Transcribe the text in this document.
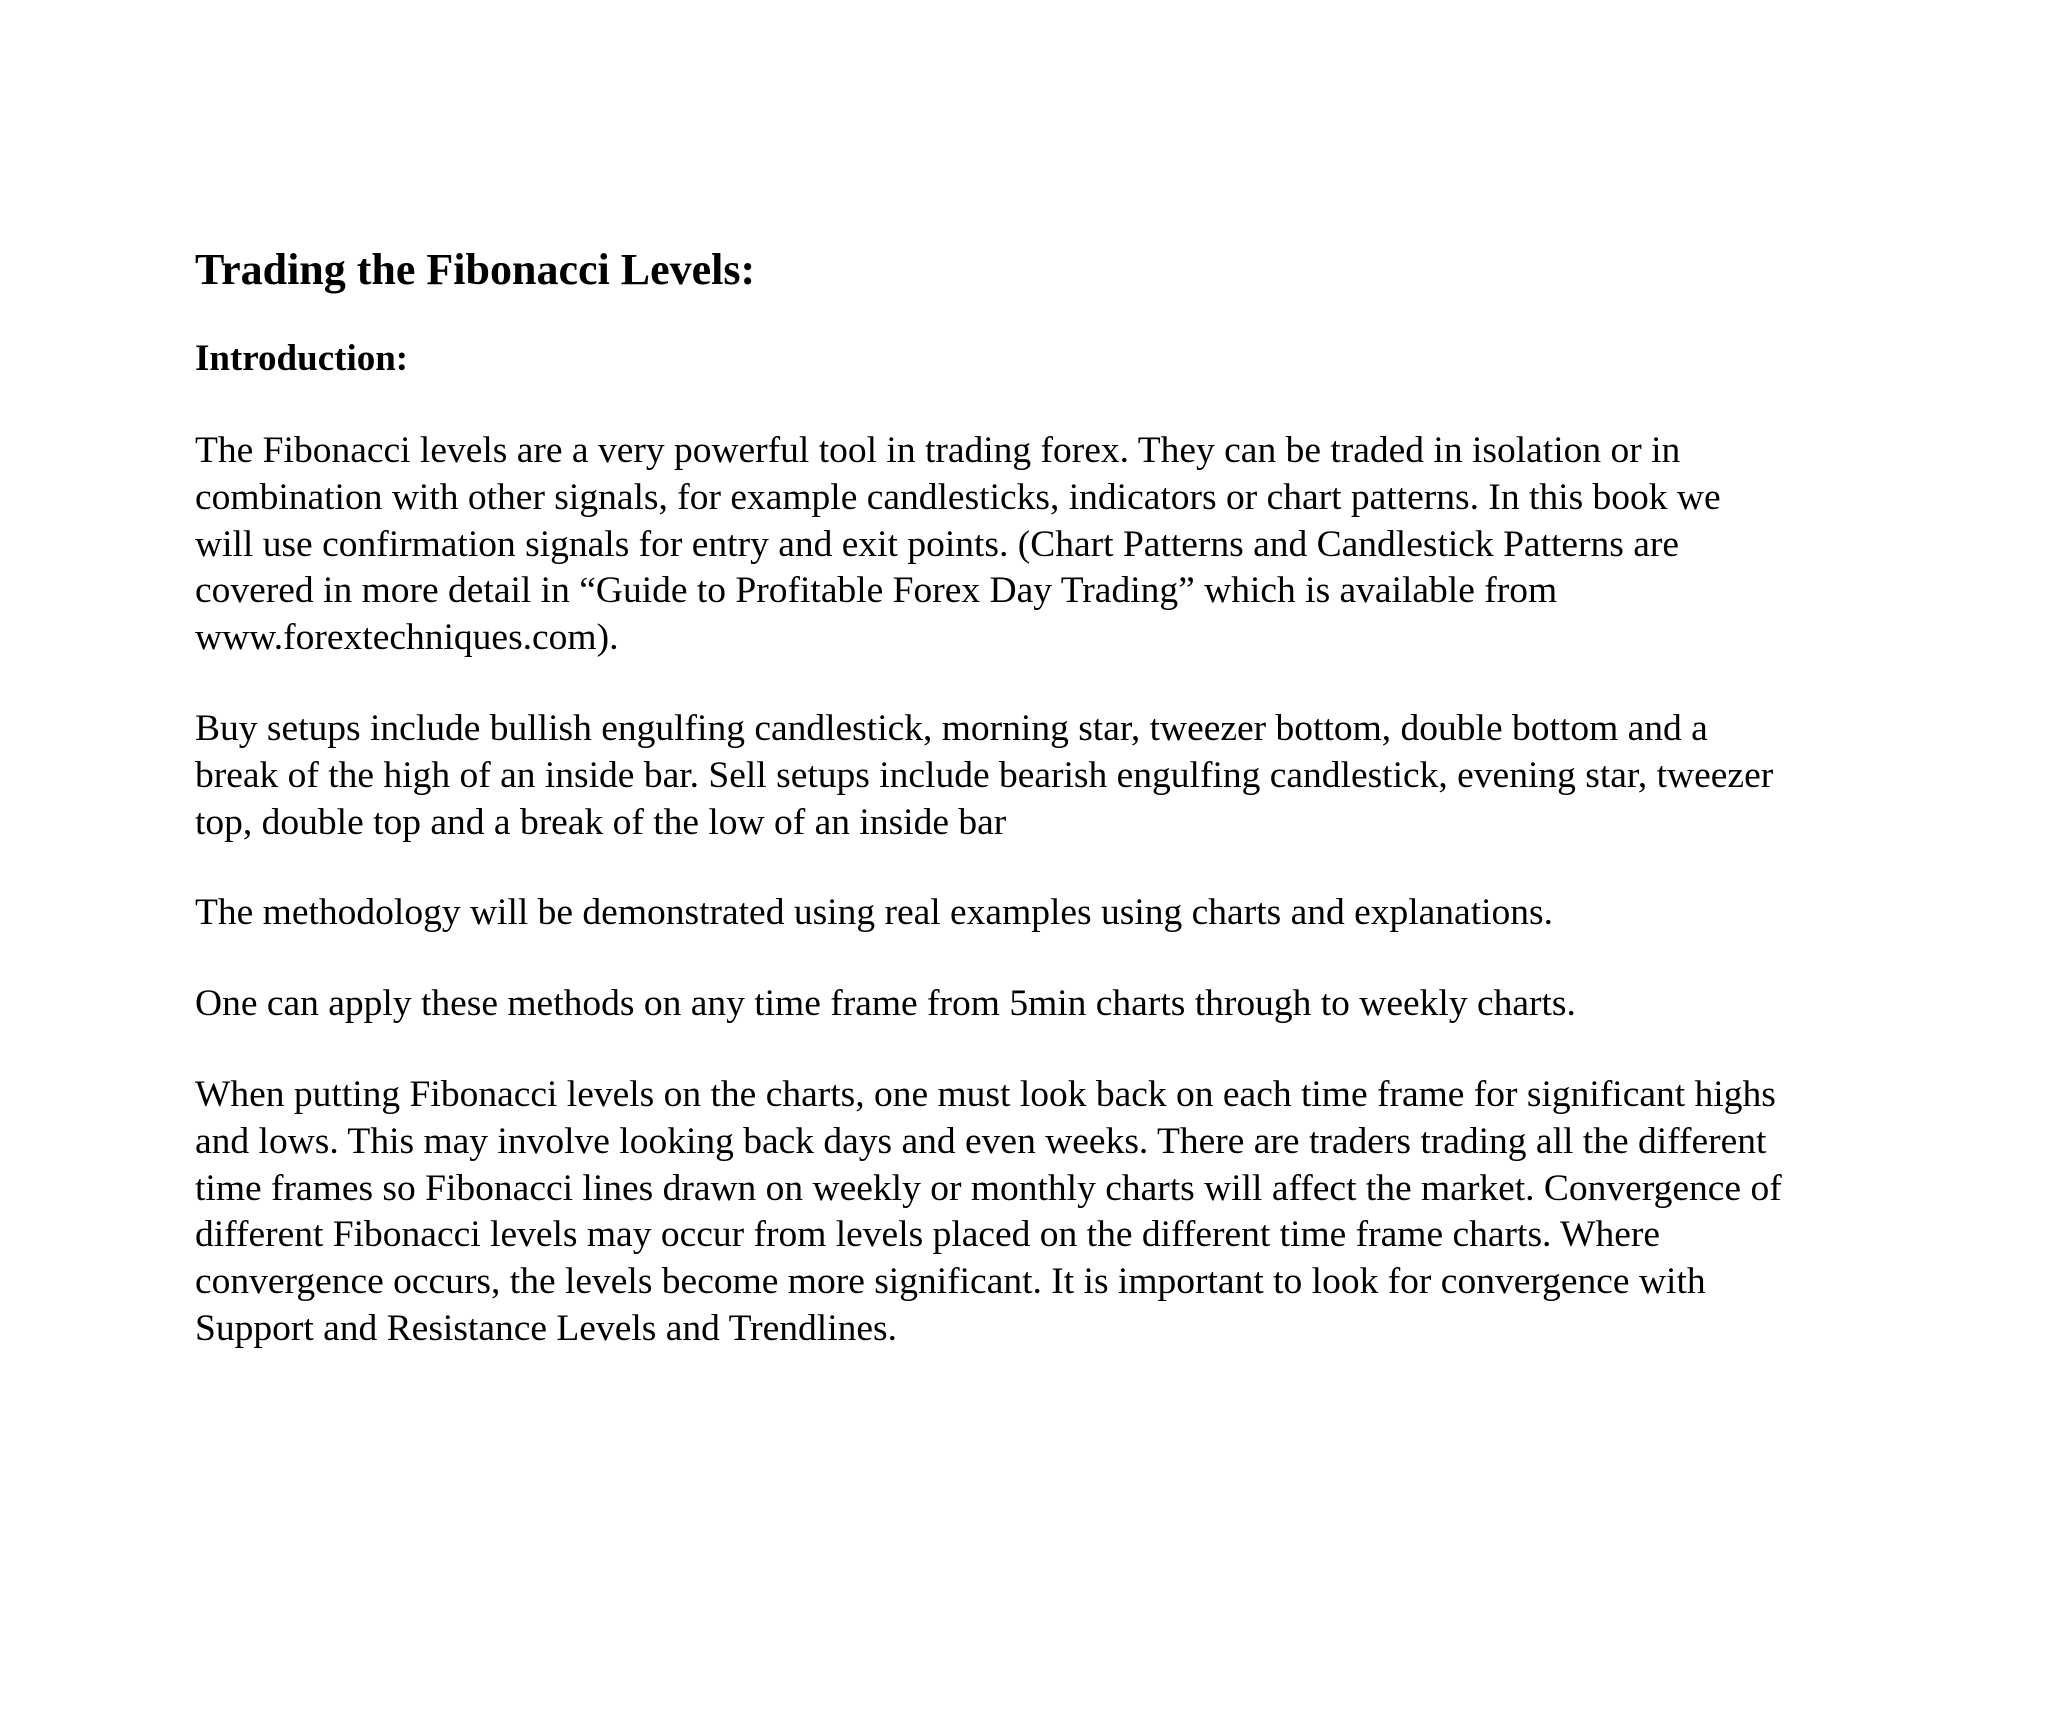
Trading the Fibonacci Levels:
Introduction:

The Fibonacci levels are a very powerful tool in trading forex. They can be traded in isolation or in
combination with other signals, for example candlesticks, indicators or chart patterns. In this book we
will use confirmation signals for entry and exit points. (Chart Patterns and Candlestick Patterns are
covered in more detail in “Guide to Profitable Forex Day Trading” which is available from
www.forextechniques.com).

Buy setups include bullish engulfing candlestick, morning star, tweezer bottom, double bottom and a
break of the high of an inside bar. Sell setups include bearish engulfing candlestick, evening star, tweezer
top, double top and a break of the low of an inside bar

The methodology will be demonstrated using real examples using charts and explanations.

One can apply these methods on any time frame from 5min charts through to weekly charts.

When putting Fibonacci levels on the charts, one must look back on each time frame for significant highs
and lows. This may involve looking back days and even weeks. There are traders trading all the different
time frames so Fibonacci lines drawn on weekly or monthly charts will affect the market. Convergence of
different Fibonacci levels may occur from levels placed on the different time frame charts. Where
convergence occurs, the levels become more significant. It is important to look for convergence with
Support and Resistance Levels and Trendlines.
